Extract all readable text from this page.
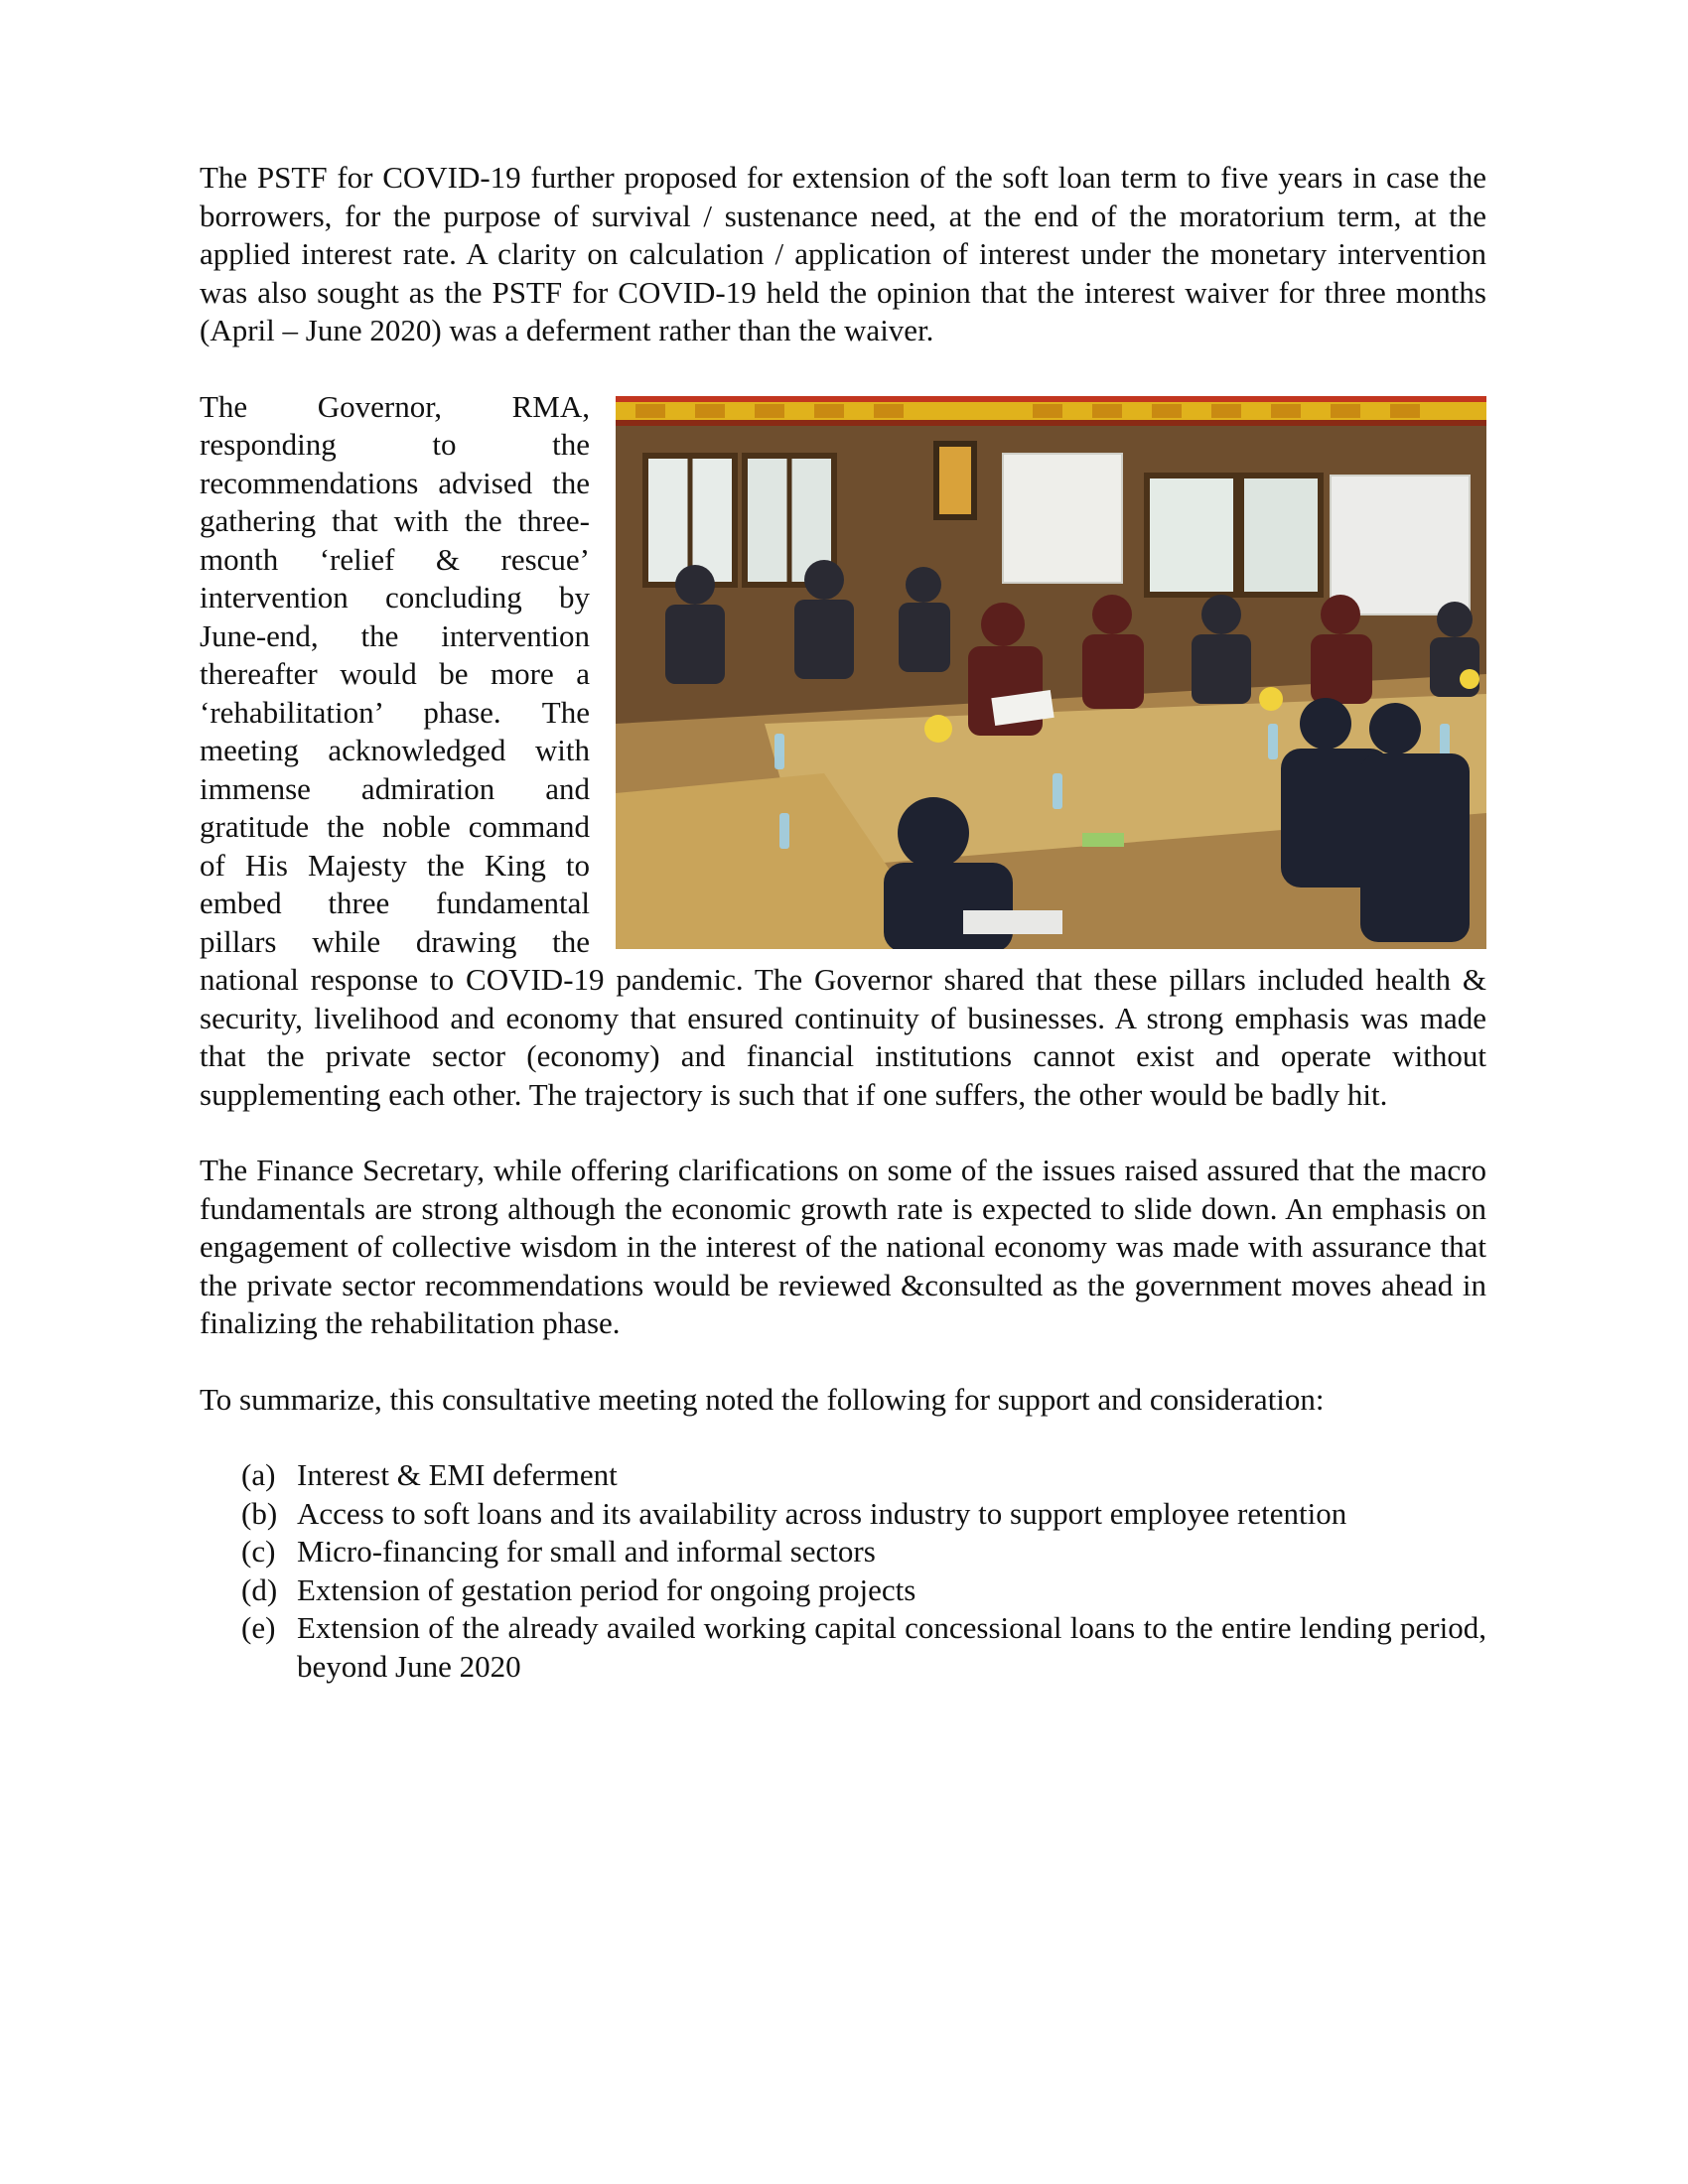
The PSTF for COVID-19 further proposed for extension of the soft loan term to five years in case the borrowers, for the purpose of survival / sustenance need, at the end of the moratorium term, at the applied interest rate. A clarity on calculation / application of interest under the monetary intervention was also sought as the PSTF for COVID-19 held the opinion that the interest waiver for three months (April – June 2020) was a deferment rather than the waiver.

The Governor, RMA, responding to the recommendations advised the gathering that with the three-month ‘relief & rescue’ intervention concluding by June-end, the intervention thereafter would be more a ‘rehabilitation’ phase. The meeting acknowledged with immense admiration and gratitude the noble command of His Majesty the King to embed three fundamental pillars while drawing the national response to COVID-19 pandemic. The Governor shared that these pillars included health & security, livelihood and economy that ensured continuity of businesses. A strong emphasis was made that the private sector (economy) and financial institutions cannot exist and operate without supplementing each other. The trajectory is such that if one suffers, the other would be badly hit.

The Finance Secretary, while offering clarifications on some of the issues raised assured that the macro fundamentals are strong although the economic growth rate is expected to slide down. An emphasis on engagement of collective wisdom in the interest of the national economy was made with assurance that the private sector recommendations would be reviewed &consulted as the government moves ahead in finalizing the rehabilitation phase.

To summarize, this consultative meeting noted the following for support and consideration:

(a) Interest & EMI deferment
(b) Access to soft loans and its availability across industry to support employee retention
(c) Micro-financing for small and informal sectors
(d) Extension of gestation period for ongoing projects
(e) Extension of the already availed working capital concessional loans to the entire lending period, beyond June 2020
